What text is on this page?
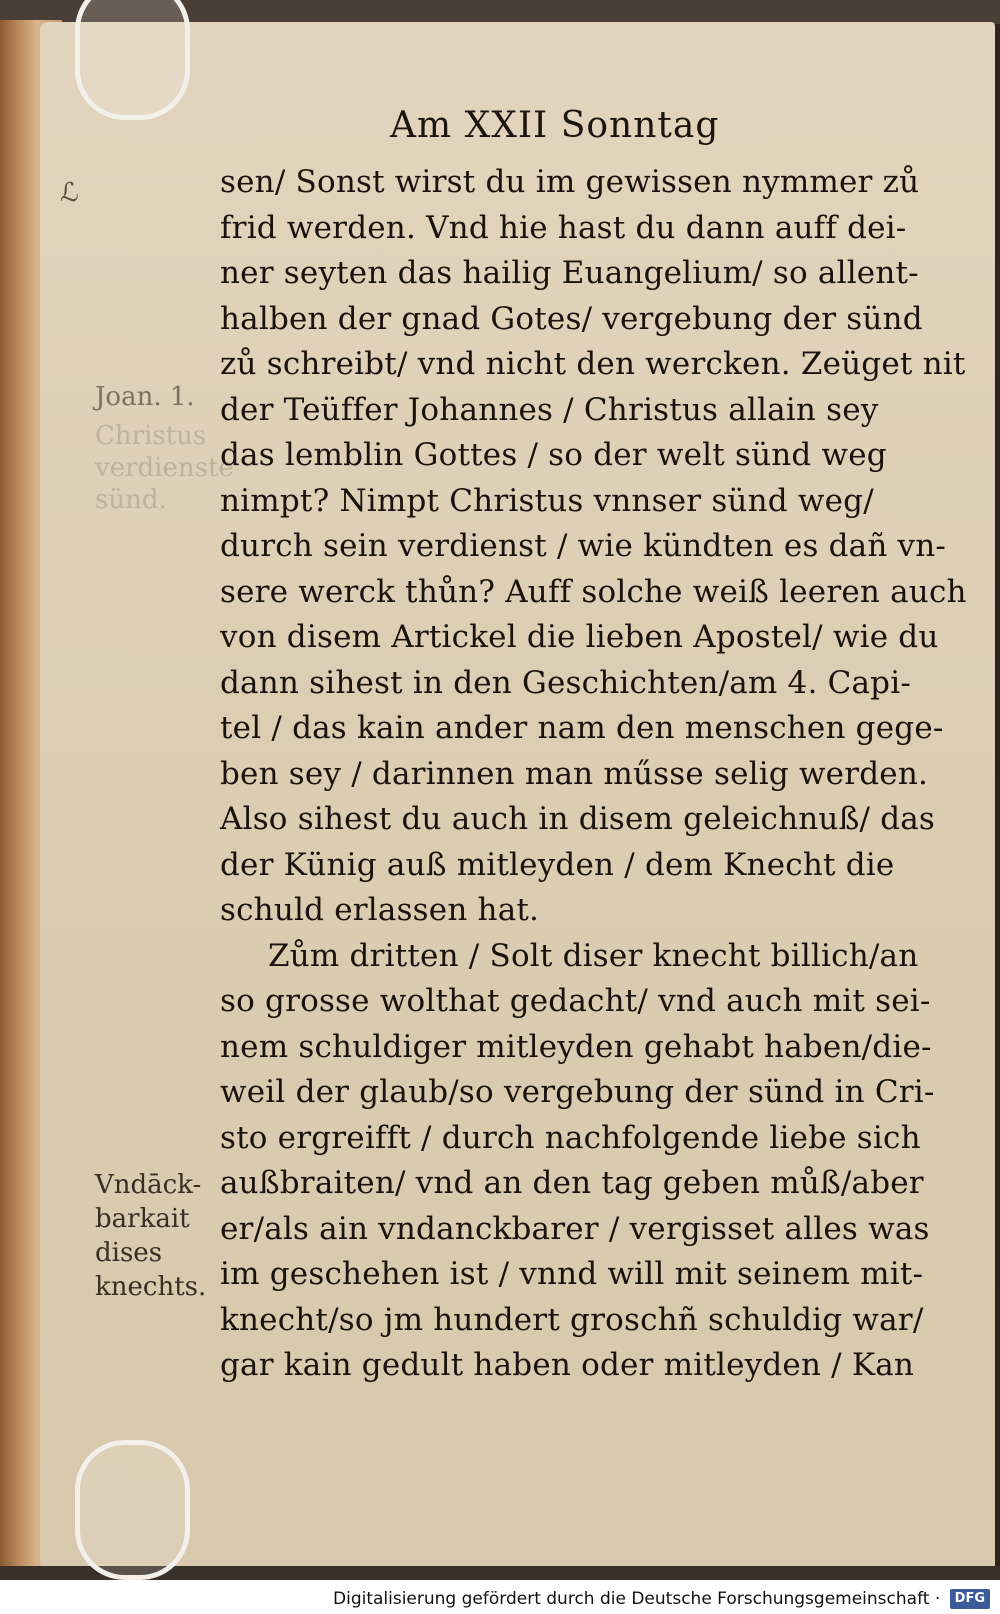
Am XXII Sonntag
ℒ
Joan. 1.
Christus
verdienste
sünd.
Vndāck-
barkait
dises
knechts.
sen/ Sonst wirst du im gewissen nymmer zů
frid werden. Vnd hie hast du dann auff dei-
ner seyten das hailig Euangelium/ so allent-
halben der gnad Gotes/ vergebung der sünd
zů schreibt/ vnd nicht den wercken. Zeüget nit
der Teüffer Johannes / Christus allain sey
das lemblin Gottes / so der welt sünd weg
nimpt? Nimpt Christus vnnser sünd weg/
durch sein verdienst / wie kündten es dañ vn-
sere werck thůn? Auff solche weiß leeren auch
von disem Artickel die lieben Apostel/ wie du
dann sihest in den Geschichten/am 4. Capi-
tel / das kain ander nam den menschen gege-
ben sey / darinnen man műsse selig werden.
Also sihest du auch in disem geleichnuß/ das
der Künig auß mitleyden / dem Knecht die
schuld erlassen hat.
Zům dritten / Solt diser knecht billich/an
so grosse wolthat gedacht/ vnd auch mit sei-
nem schuldiger mitleyden gehabt haben/die-
weil der glaub/so vergebung der sünd in Cri-
sto ergreifft / durch nachfolgende liebe sich
außbraiten/ vnd an den tag geben můß/aber
er/als ain vndanckbarer / vergisset alles was
im geschehen ist / vnnd will mit seinem mit-
knecht/so jm hundert groschñ schuldig war/
gar kain gedult haben oder mitleyden / Kan
Digitalisierung gefördert durch die Deutsche Forschungsgemeinschaft · DFG
